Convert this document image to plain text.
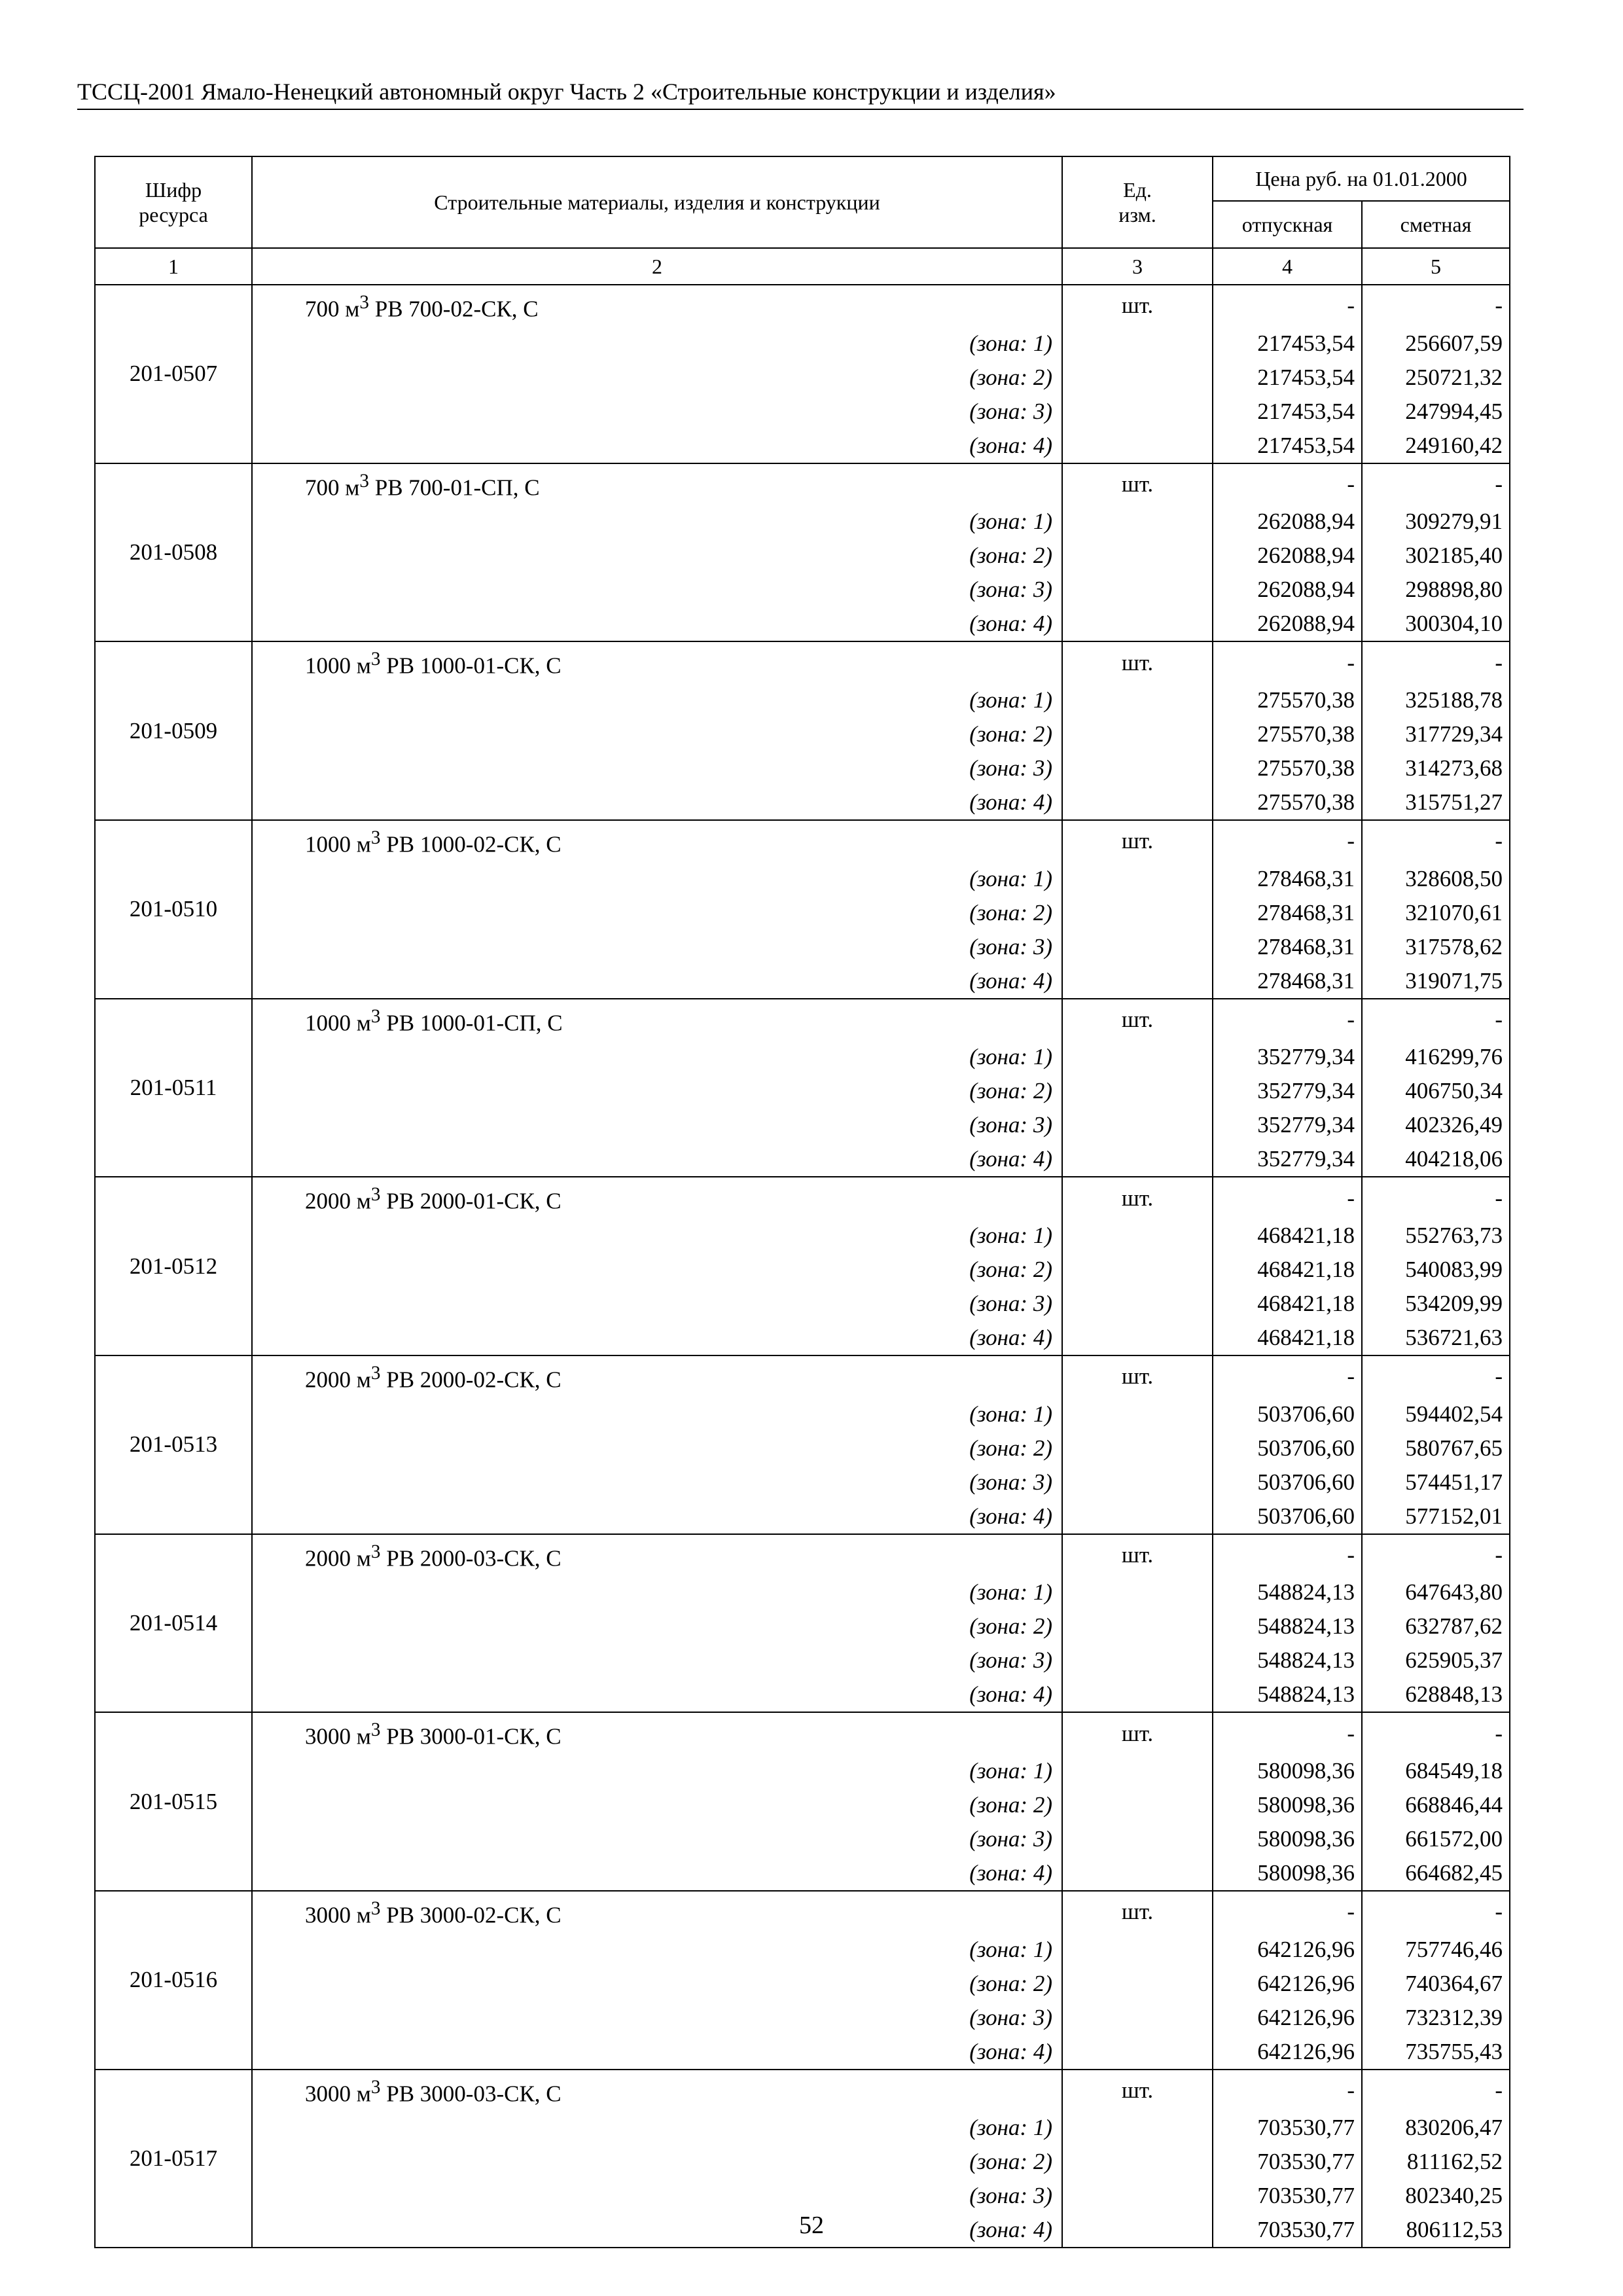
ТССЦ-2001 Ямало-Ненецкий автономный округ Часть 2 «Строительные конструкции и изделия»
Шифр ресурса	Строительные материалы, изделия и конструкции	Ед. изм.	Цена руб. на 01.01.2000	
			отпускная	сметная
1	2	3	4	5
201-0507	700 $м^3$ РВ 700-02-СК, С	шт.	-	-
	(зона: 1)		217453,54	256607,59
	(зона: 2)		217453,54	250721,32
	(зона: 3)		217453,54	247994,45
	(зона: 4)		217453,54	249160,42
201-0508	700 $м^3$ РВ 700-01-СП, С	шт.	-	-
	(зона: 1)		262088,94	309279,91
	(зона: 2)		262088,94	302185,40
	(зона: 3)		262088,94	298898,80
	(зона: 4)		262088,94	300304,10
201-0509	1000 $м^3$ РВ 1000-01-СК, С	шт.	-	-
	(зона: 1)		275570,38	325188,78
	(зона: 2)		275570,38	317729,34
	(зона: 3)		275570,38	314273,68
	(зона: 4)		275570,38	315751,27
201-0510	1000 $м^3$ РВ 1000-02-СК, С	шт.	-	-
	(зона: 1)		278468,31	328608,50
	(зона: 2)		278468,31	321070,61
	(зона: 3)		278468,31	317578,62
	(зона: 4)		278468,31	319071,75
201-0511	1000 $м^3$ РВ 1000-01-СП, С	шт.	-	-
	(зона: 1)		352779,34	416299,76
	(зона: 2)		352779,34	406750,34
	(зона: 3)		352779,34	402326,49
	(зона: 4)		352779,34	404218,06
201-0512	2000 $м^3$ РВ 2000-01-СК, С	шт.	-	-
	(зона: 1)		468421,18	552763,73
	(зона: 2)		468421,18	540083,99
	(зона: 3)		468421,18	534209,99
	(зона: 4)		468421,18	536721,63
201-0513	2000 $м^3$ РВ 2000-02-СК, С	шт.	-	-
	(зона: 1)		503706,60	594402,54
	(зона: 2)		503706,60	580767,65
	(зона: 3)		503706,60	574451,17
	(зона: 4)		503706,60	577152,01
201-0514	2000 $м^3$ РВ 2000-03-СК, С	шт.	-	-
	(зона: 1)		548824,13	647643,80
	(зона: 2)		548824,13	632787,62
	(зона: 3)		548824,13	625905,37
	(зона: 4)		548824,13	628848,13
201-0515	3000 $м^3$ РВ 3000-01-СК, С	шт.	-	-
	(зона: 1)		580098,36	684549,18
	(зона: 2)		580098,36	668846,44
	(зона: 3)		580098,36	661572,00
	(зона: 4)		580098,36	664682,45
201-0516	3000 $м^3$ РВ 3000-02-СК, С	шт.	-	-
	(зона: 1)		642126,96	757746,46
	(зона: 2)		642126,96	740364,67
	(зона: 3)		642126,96	732312,39
	(зона: 4)		642126,96	735755,43
201-0517	3000 $м^3$ РВ 3000-03-СК, С	шт.	-	-
	(зона: 1)		703530,77	830206,47
	(зона: 2)		703530,77	811162,52
	(зона: 3)		703530,77	802340,25
	(зона: 4)		703530,77	806112,53
52
